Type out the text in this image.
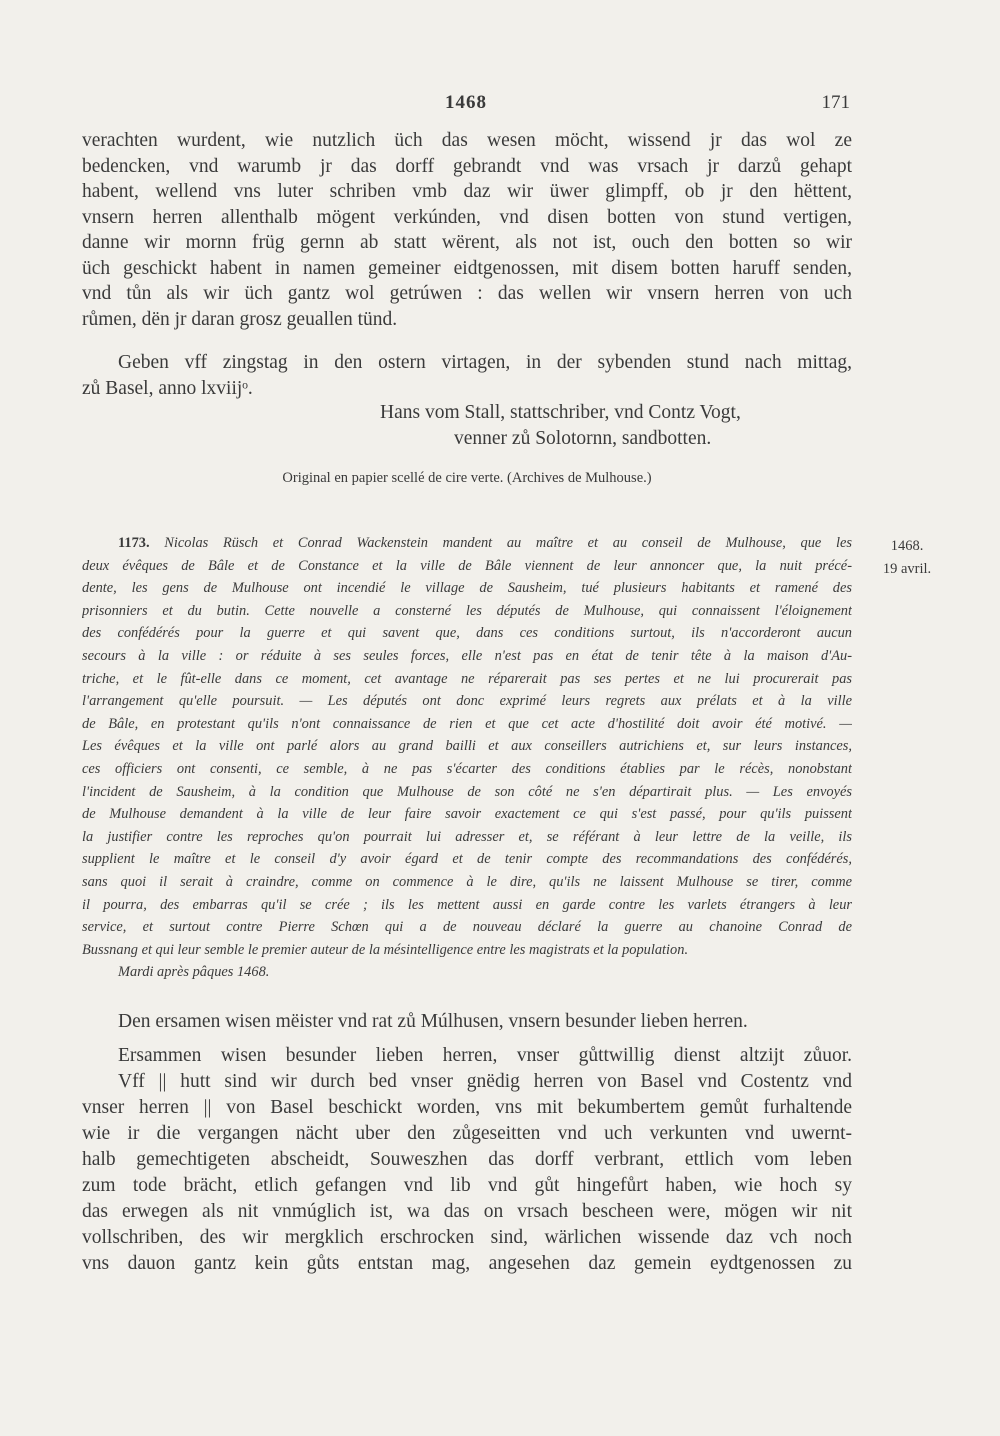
1468	171
verachten wurdent, wie nutzlich üch das wesen möcht, wissend jr das wol ze
bedencken, vnd warumb jr das dorff gebrandt vnd was vrsach jr darzů gehapt
habent, wellend vns luter schriben vmb daz wir üwer glimpff, ob jr den hëttent,
vnsern herren allenthalb mögent verkúnden, vnd disen botten von stund vertigen,
danne wir mornn früg gernn ab statt wërent, als not ist, ouch den botten so wir
üch geschickt habent in namen gemeiner eidtgenossen, mit disem botten haruff senden,
vnd tůn als wir üch gantz wol getrúwen : das wellen wir vnsern herren von uch
růmen, dën jr daran grosz geuallen tünd.
Geben vff zingstag in den ostern virtagen, in der sybenden stund nach mittag,
zů Basel, anno lxviijᵒ.
Hans vom Stall, stattschriber, vnd Contz Vogt,
venner zů Solotornn, sandbotten.
Original en papier scellé de cire verte. (Archives de Mulhouse.)
1468.
19 avril.
1173. Nicolas Rüsch et Conrad Wackenstein mandent au maître et au conseil de Mulhouse, que les
deux évêques de Bâle et de Constance et la ville de Bâle viennent de leur annoncer que, la nuit précé-
dente, les gens de Mulhouse ont incendié le village de Sausheim, tué plusieurs habitants et ramené des
prisonniers et du butin. Cette nouvelle a consterné les députés de Mulhouse, qui connaissent l'éloignement
des confédérés pour la guerre et qui savent que, dans ces conditions surtout, ils n'accorderont aucun
secours à la ville : or réduite à ses seules forces, elle n'est pas en état de tenir tête à la maison d'Au-
triche, et le fût-elle dans ce moment, cet avantage ne réparerait pas ses pertes et ne lui procurerait pas
l'arrangement qu'elle poursuit. — Les députés ont donc exprimé leurs regrets aux prélats et à la ville
de Bâle, en protestant qu'ils n'ont connaissance de rien et que cet acte d'hostilité doit avoir été motivé. —
Les évêques et la ville ont parlé alors au grand bailli et aux conseillers autrichiens et, sur leurs instances,
ces officiers ont consenti, ce semble, à ne pas s'écarter des conditions établies par le récès, nonobstant
l'incident de Sausheim, à la condition que Mulhouse de son côté ne s'en départirait plus. — Les envoyés
de Mulhouse demandent à la ville de leur faire savoir exactement ce qui s'est passé, pour qu'ils puissent
la justifier contre les reproches qu'on pourrait lui adresser et, se référant à leur lettre de la veille, ils
supplient le maître et le conseil d'y avoir égard et de tenir compte des recommandations des confédérés,
sans quoi il serait à craindre, comme on commence à le dire, qu'ils ne laissent Mulhouse se tirer, comme
il pourra, des embarras qu'il se crée ; ils les mettent aussi en garde contre les varlets étrangers à leur
service, et surtout contre Pierre Schœn qui a de nouveau déclaré la guerre au chanoine Conrad de
Bussnang et qui leur semble le premier auteur de la mésintelligence entre les magistrats et la population.
Mardi après pâques 1468.
Den ersamen wisen mëister vnd rat zů Múlhusen, vnsern besunder lieben herren.
Ersammen wisen besunder lieben herren, vnser gůttwillig dienst altzijt zůuor.
Vff || hutt sind wir durch bed vnser gnëdig herren von Basel vnd Costentz vnd
vnser herren || von Basel beschickt worden, vns mit bekumbertem gemůt furhaltende
wie ir die vergangen nächt uber den zůgeseitten vnd uch verkunten vnd uwernt-
halb gemechtigeten abscheidt, Souweszhen das dorff verbrant, ettlich vom leben
zum tode brächt, etlich gefangen vnd lib vnd gůt hingefůrt haben, wie hoch sy
das erwegen als nit vnmúglich ist, wa das on vrsach bescheen were, mögen wir nit
vollschriben, des wir mergklich erschrocken sind, wärlichen wissende daz vch noch
vns dauon gantz kein gůts entstan mag, angesehen daz gemein eydtgenossen zu
